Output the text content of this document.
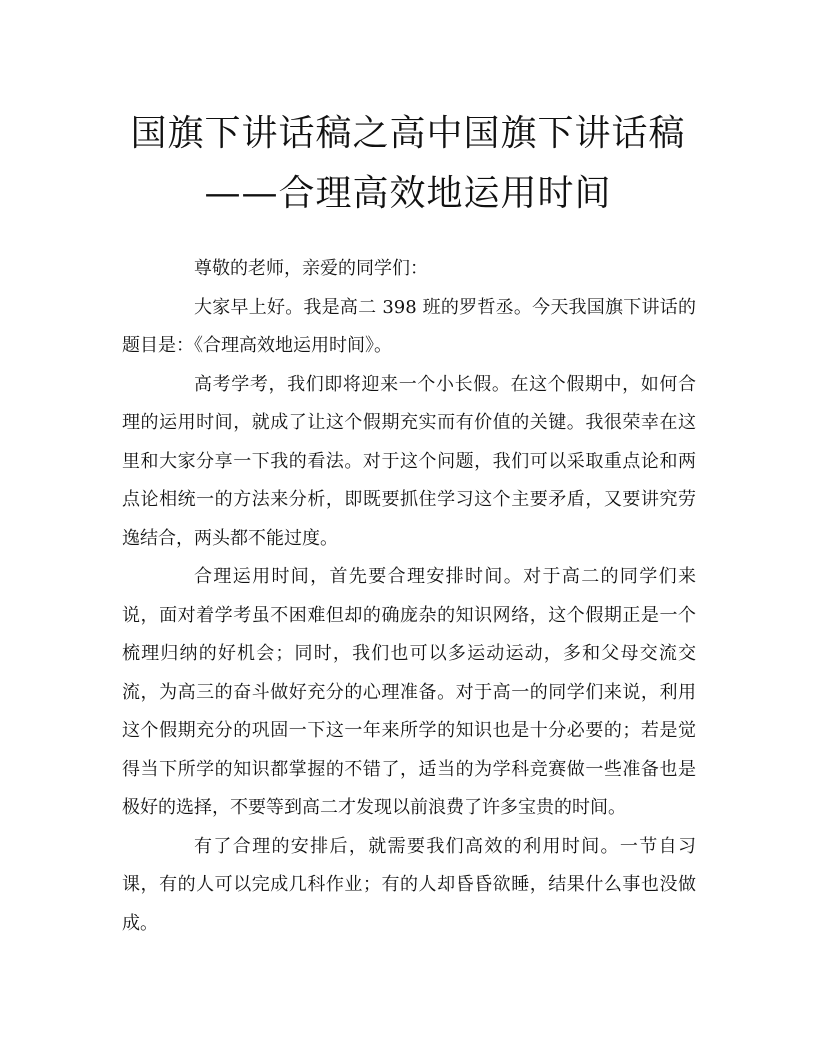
国旗下讲话稿之高中国旗下讲话稿
——合理高效地运用时间

尊敬的老师，亲爱的同学们：

大家早上好。我是高二 398 班的罗哲丞。今天我国旗下讲话的题目是：《合理高效地运用时间》。

高考学考，我们即将迎来一个小长假。在这个假期中，如何合理的运用时间，就成了让这个假期充实而有价值的关键。我很荣幸在这里和大家分享一下我的看法。对于这个问题，我们可以采取重点论和两点论相统一的方法来分析，即既要抓住学习这个主要矛盾，又要讲究劳逸结合，两头都不能过度。

合理运用时间，首先要合理安排时间。对于高二的同学们来说，面对着学考虽不困难但却的确庞杂的知识网络，这个假期正是一个梳理归纳的好机会；同时，我们也可以多运动运动，多和父母交流交流，为高三的奋斗做好充分的心理准备。对于高一的同学们来说，利用这个假期充分的巩固一下这一年来所学的知识也是十分必要的；若是觉得当下所学的知识都掌握的不错了，适当的为学科竞赛做一些准备也是极好的选择，不要等到高二才发现以前浪费了许多宝贵的时间。

有了合理的安排后，就需要我们高效的利用时间。一节自习课，有的人可以完成几科作业；有的人却昏昏欲睡，结果什么事也没做成。
